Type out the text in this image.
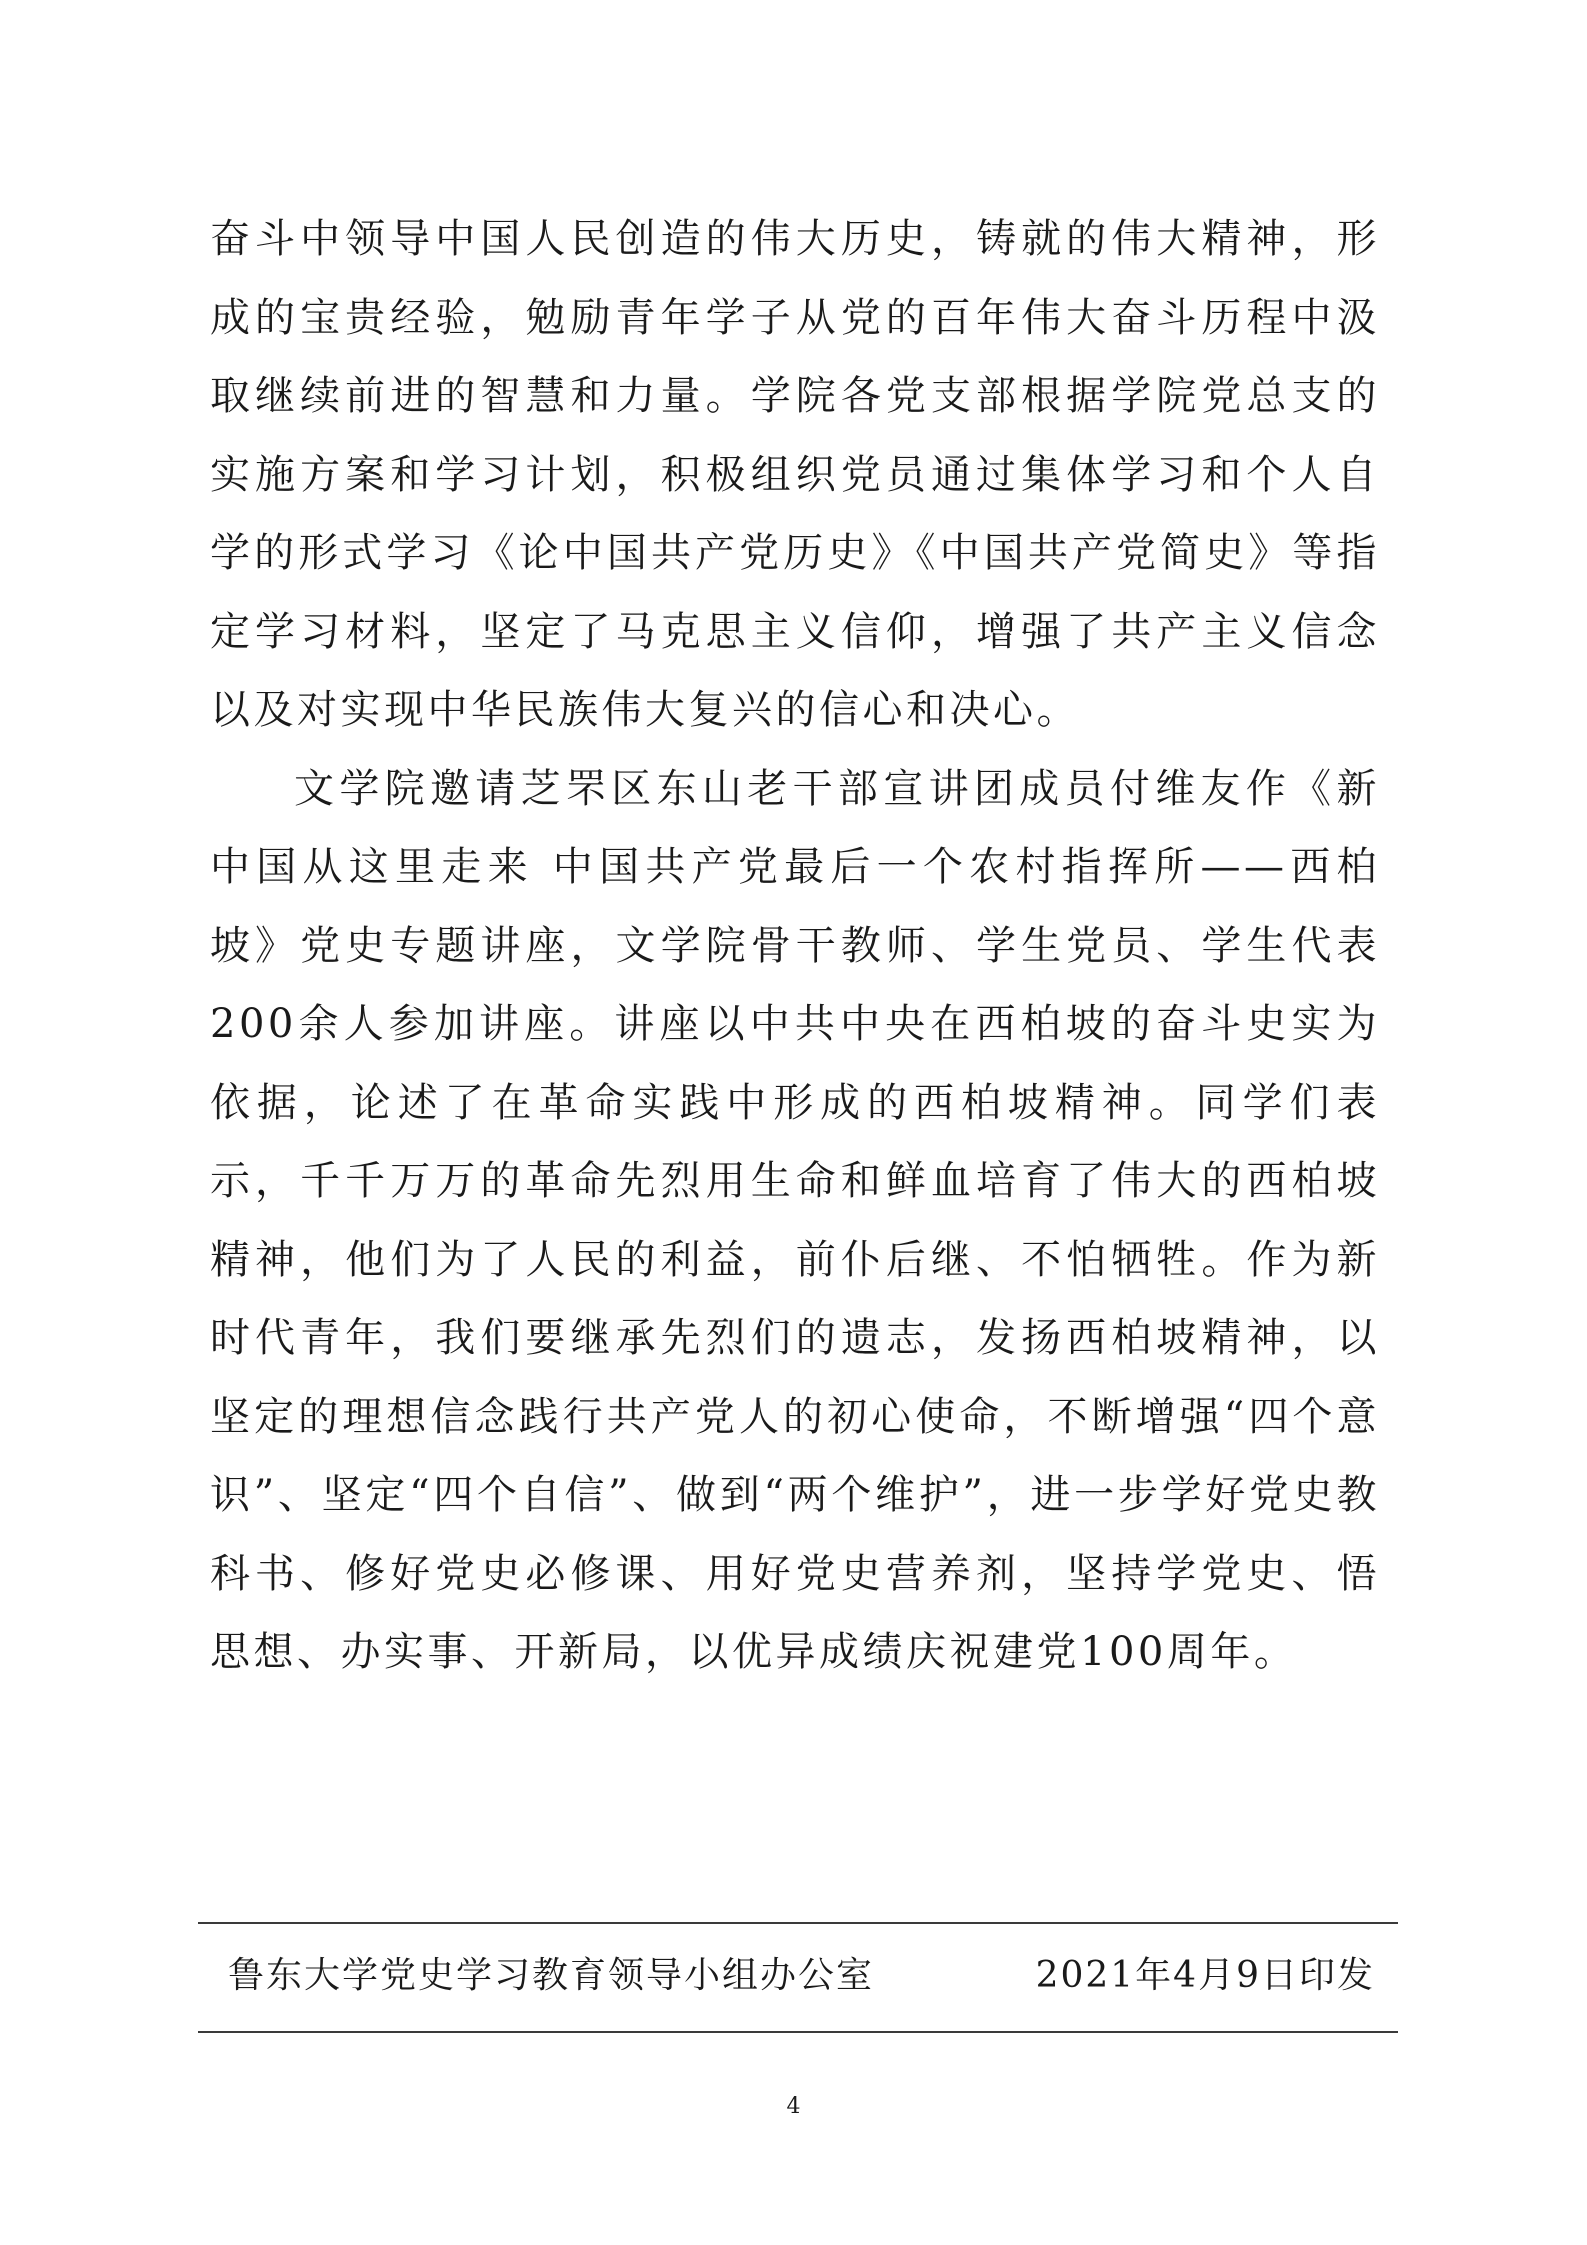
奋斗中领导中国人民创造的伟大历史，铸就的伟大精神，形成的宝贵经验，勉励青年学子从党的百年伟大奋斗历程中汲取继续前进的智慧和力量。学院各党支部根据学院党总支的实施方案和学习计划，积极组织党员通过集体学习和个人自学的形式学习《论中国共产党历史》《中国共产党简史》等指定学习材料，坚定了马克思主义信仰，增强了共产主义信念以及对实现中华民族伟大复兴的信心和决心。

文学院邀请芝罘区东山老干部宣讲团成员付维友作《新中国从这里走来 中国共产党最后一个农村指挥所——西柏坡》党史专题讲座，文学院骨干教师、学生党员、学生代表200余人参加讲座。讲座以中共中央在西柏坡的奋斗史实为依据，论述了在革命实践中形成的西柏坡精神。同学们表示，千千万万的革命先烈用生命和鲜血培育了伟大的西柏坡精神，他们为了人民的利益，前仆后继、不怕牺牲。作为新时代青年，我们要继承先烈们的遗志，发扬西柏坡精神，以坚定的理想信念践行共产党人的初心使命，不断增强“四个意识”、坚定“四个自信”、做到“两个维护”，进一步学好党史教科书、修好党史必修课、用好党史营养剂，坚持学党史、悟思想、办实事、开新局，以优异成绩庆祝建党100周年。

鲁东大学党史学习教育领导小组办公室	2021年4月9日印发
4
